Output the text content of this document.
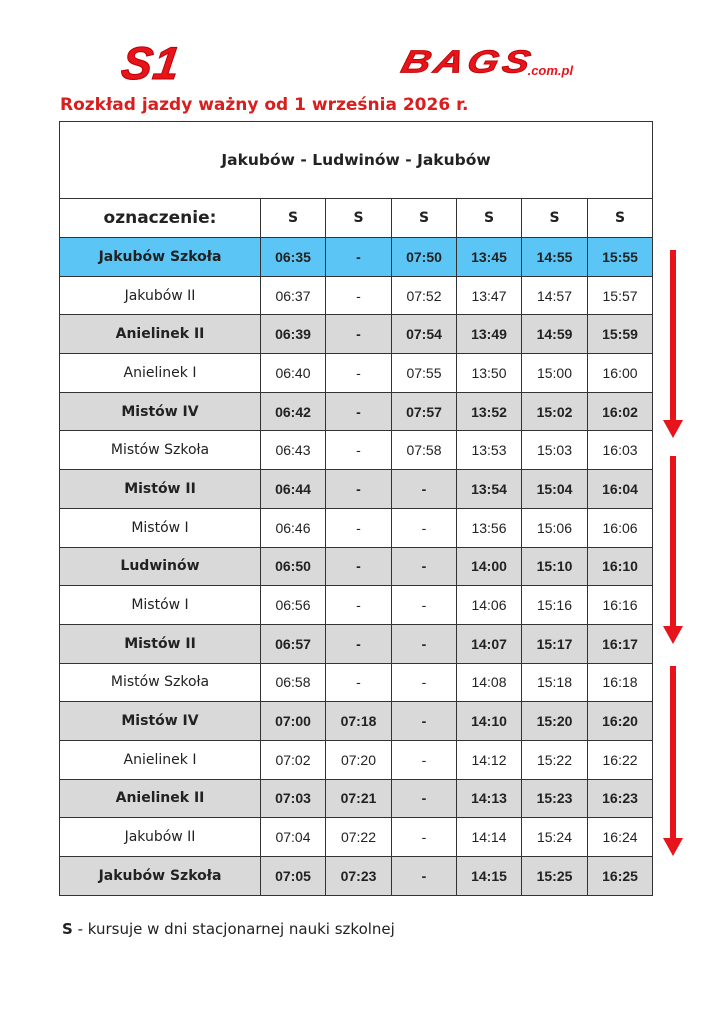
S1	BAGS.com.pl
Rozkład jazdy ważny od 1 września 2026 r.
Jakubów - Ludwinów - Jakubów						
oznaczenie:	S	S	S	S	S	S
Jakubów Szkoła	06:35	-	07:50	13:45	14:55	15:55
Jakubów II	06:37	-	07:52	13:47	14:57	15:57
Anielinek II	06:39	-	07:54	13:49	14:59	15:59
Anielinek I	06:40	-	07:55	13:50	15:00	16:00
Mistów IV	06:42	-	07:57	13:52	15:02	16:02
Mistów Szkoła	06:43	-	07:58	13:53	15:03	16:03
Mistów II	06:44	-	-	13:54	15:04	16:04
Mistów I	06:46	-	-	13:56	15:06	16:06
Ludwinów	06:50	-	-	14:00	15:10	16:10
Mistów I	06:56	-	-	14:06	15:16	16:16
Mistów II	06:57	-	-	14:07	15:17	16:17
Mistów Szkoła	06:58	-	-	14:08	15:18	16:18
Mistów IV	07:00	07:18	-	14:10	15:20	16:20
Anielinek I	07:02	07:20	-	14:12	15:22	16:22
Anielinek II	07:03	07:21	-	14:13	15:23	16:23
Jakubów II	07:04	07:22	-	14:14	15:24	16:24
Jakubów Szkoła	07:05	07:23	-	14:15	15:25	16:25
S - kursuje w dni stacjonarnej nauki szkolnej
